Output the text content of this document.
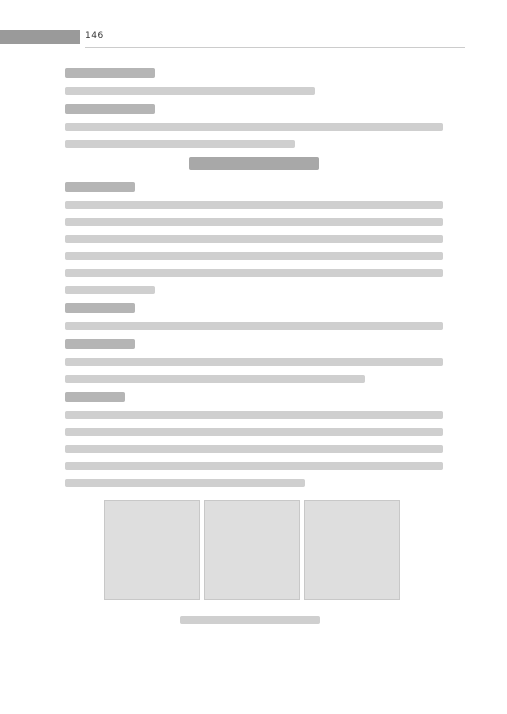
146
